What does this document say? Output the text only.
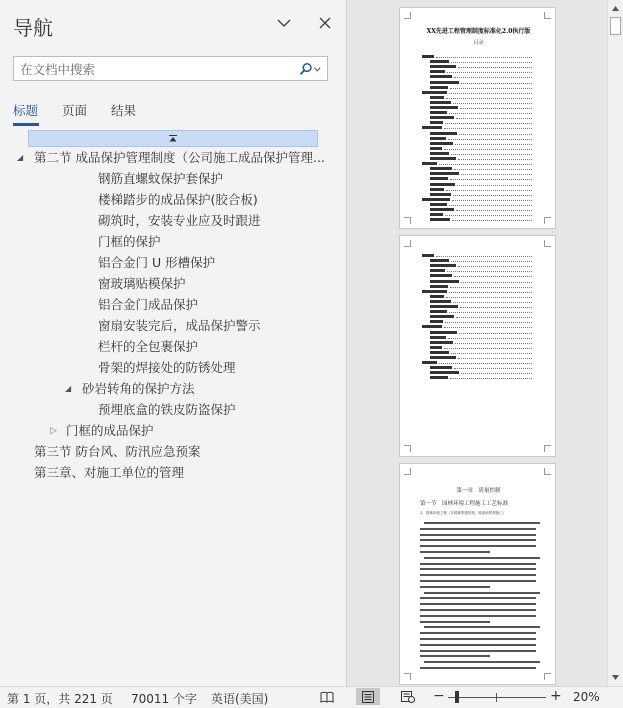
导航
在文档中搜索
标题 页面 结果
◢ 第二节 成品保护管理制度（公司施工成品保护管理...
钢筋直螺蚊保护套保护
楼梯踏步的成品保护(胶合板)
砌筑时，安装专业应及时跟进
门框的保护
铝合金门 U 形槽保护
窗玻璃贴模保护
铝合金门成品保护
窗扇安装完后，成品保护警示
栏杆的全包裹保护
骨架的焊接处的防锈处理
◢ 砂岩转角的保护方法
预埋底盒的铁皮防盗保护
▷ 门框的成品保护
第三节 防台风、防汛应急预案
第三章、对施工单位的管理
XX先进工程管理制度标准化2.0执行版
目录
第一章　质量控制
第一节　园林环境工程施工工艺标准
1、园林环境工程（含园林景观结构、坡道和景观施工）
第 1 页，共 221 页 70011 个字 英语(美国)	−	+ 20%
